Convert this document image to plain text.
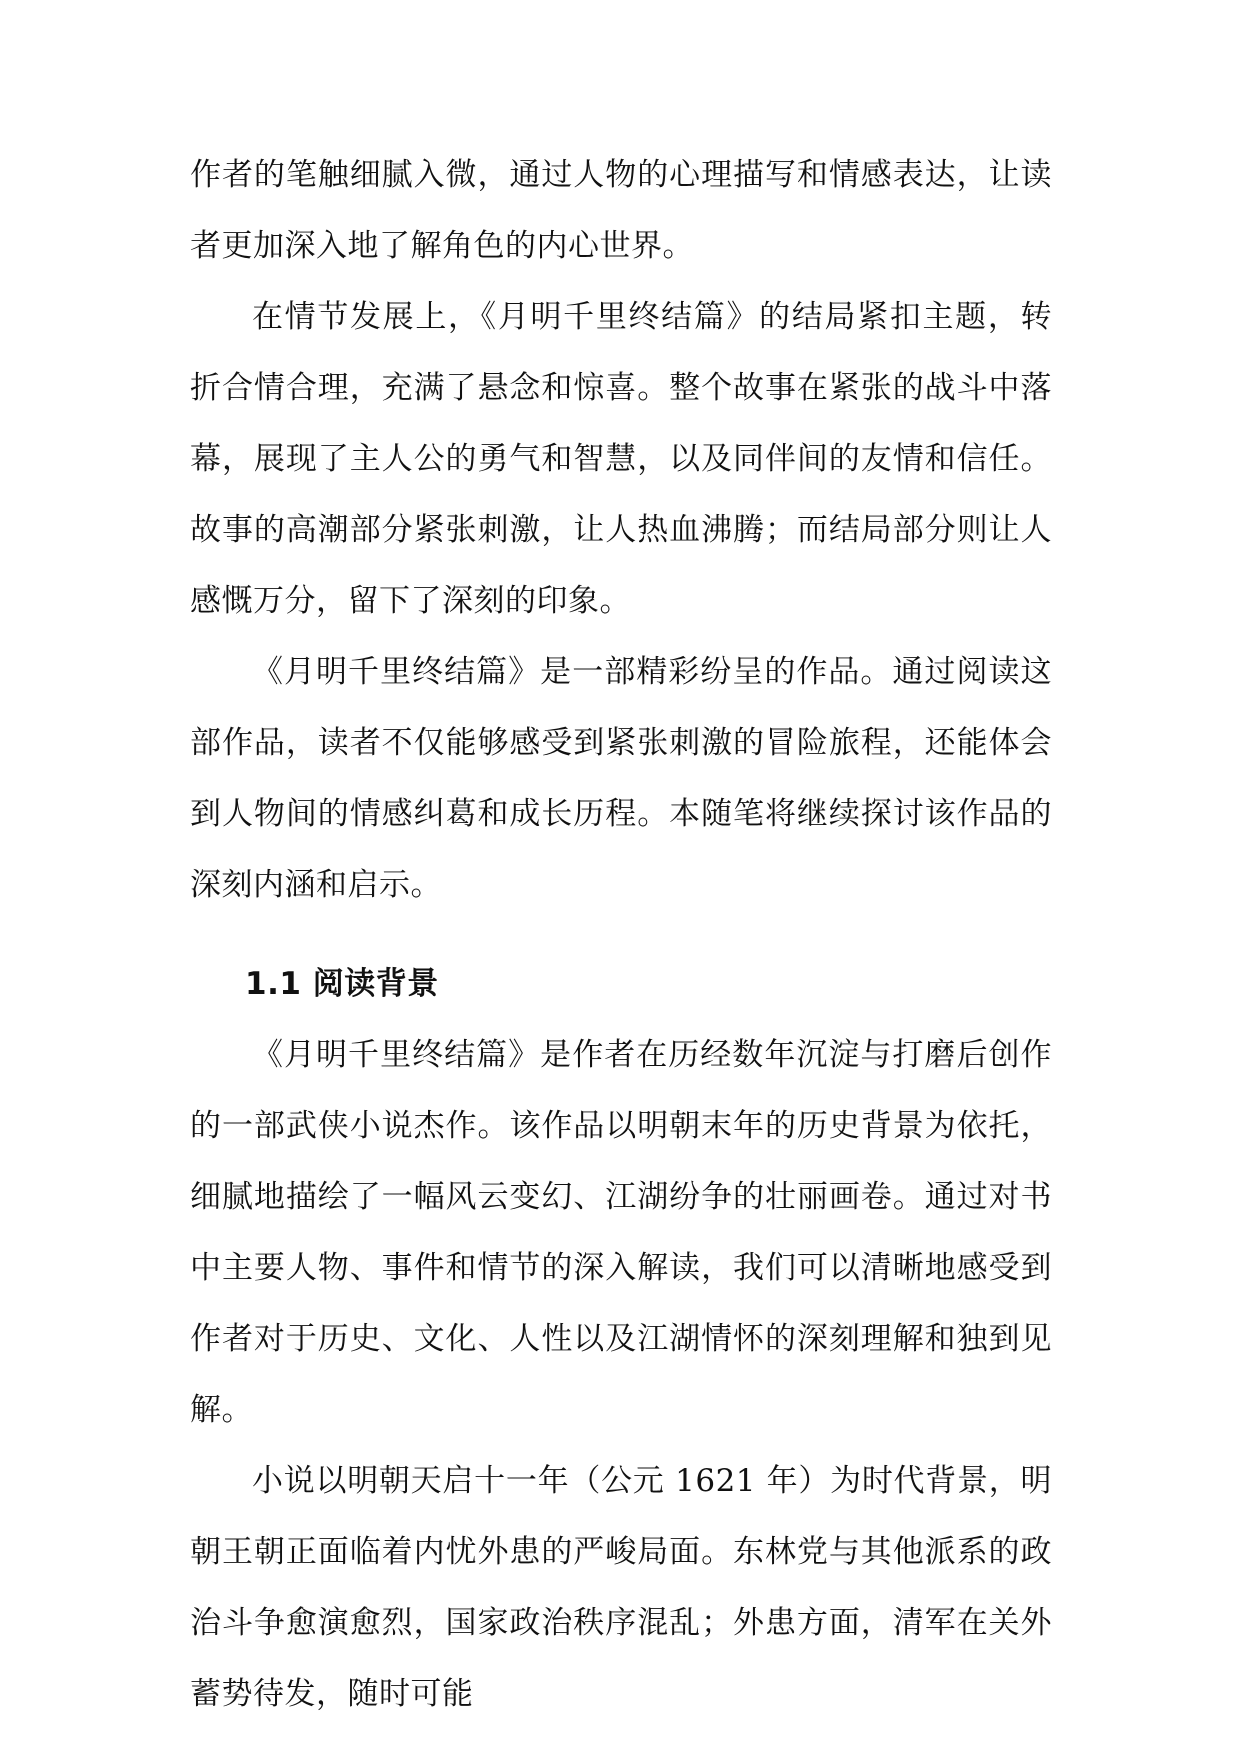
作者的笔触细腻入微，通过人物的心理描写和情感表达，让读者更加深入地了解角色的内心世界。

在情节发展上，《月明千里终结篇》的结局紧扣主题，转折合情合理，充满了悬念和惊喜。整个故事在紧张的战斗中落幕，展现了主人公的勇气和智慧，以及同伴间的友情和信任。故事的高潮部分紧张刺激，让人热血沸腾；而结局部分则让人感慨万分，留下了深刻的印象。

《月明千里终结篇》是一部精彩纷呈的作品。通过阅读这部作品，读者不仅能够感受到紧张刺激的冒险旅程，还能体会到人物间的情感纠葛和成长历程。本随笔将继续探讨该作品的深刻内涵和启示。

1.1 阅读背景

《月明千里终结篇》是作者在历经数年沉淀与打磨后创作的一部武侠小说杰作。该作品以明朝末年的历史背景为依托，细腻地描绘了一幅风云变幻、江湖纷争的壮丽画卷。通过对书中主要人物、事件和情节的深入解读，我们可以清晰地感受到作者对于历史、文化、人性以及江湖情怀的深刻理解和独到见解。

小说以明朝天启十一年（公元 1621 年）为时代背景，明朝王朝正面临着内忧外患的严峻局面。东林党与其他派系的政治斗争愈演愈烈，国家政治秩序混乱；外患方面，清军在关外蓄势待发，随时可能
